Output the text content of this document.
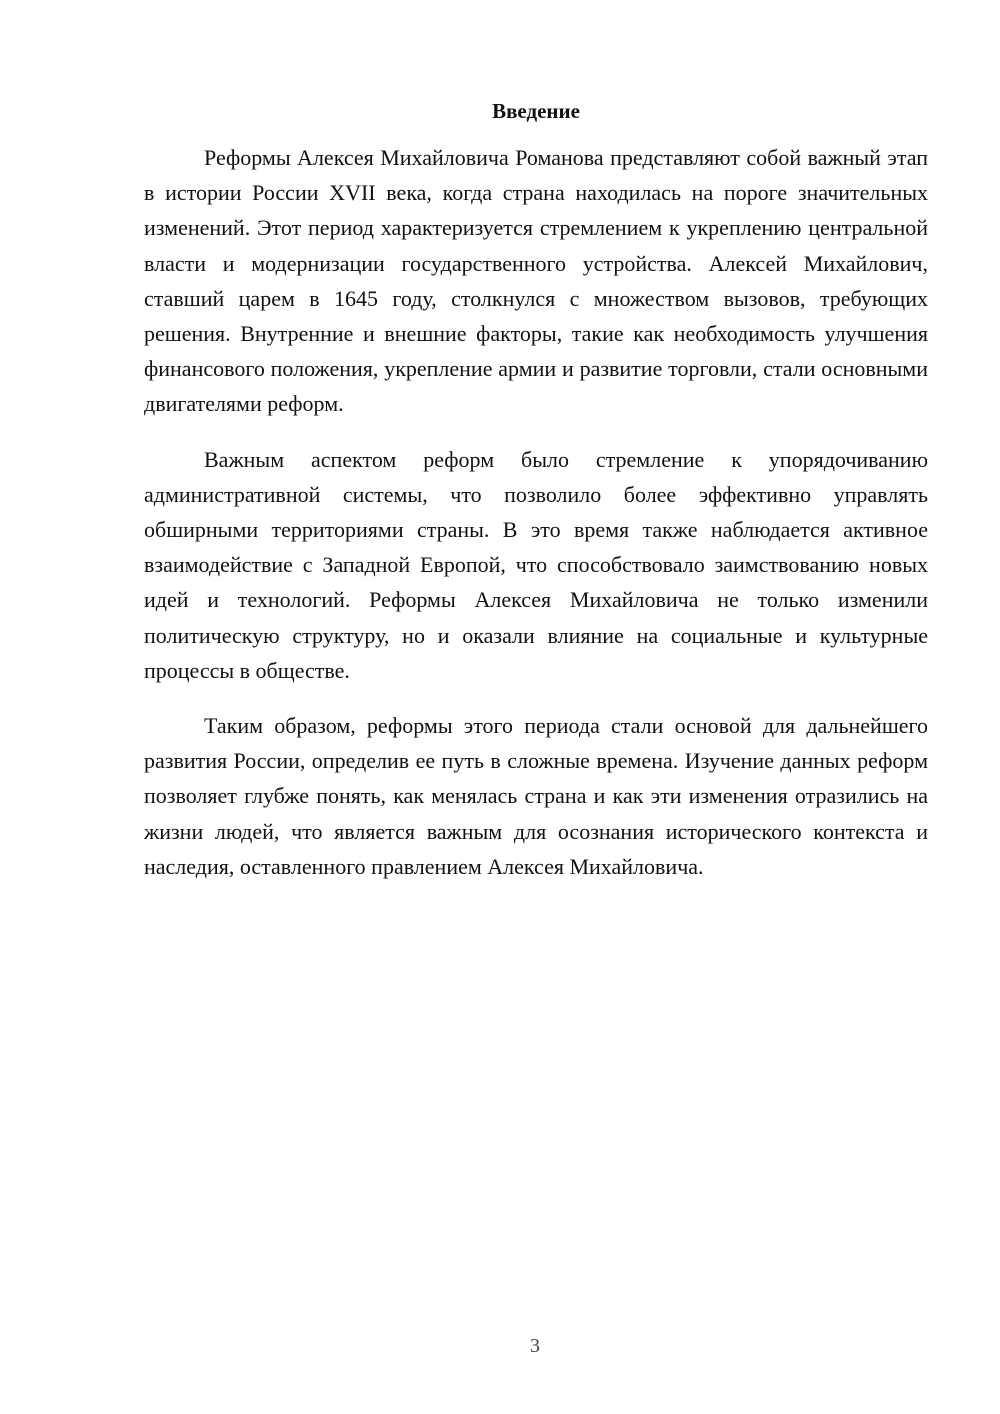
Введение

Реформы Алексея Михайловича Романова представляют собой важный этап в истории России XVII века, когда страна находилась на пороге значительных изменений. Этот период характеризуется стремлением к укреплению центральной власти и модернизации государственного устройства. Алексей Михайлович, ставший царем в 1645 году, столкнулся с множеством вызовов, требующих решения. Внутренние и внешние факторы, такие как необходимость улучшения финансового положения, укрепление армии и развитие торговли, стали основными двигателями реформ.

Важным аспектом реформ было стремление к упорядочиванию административной системы, что позволило более эффективно управлять обширными территориями страны. В это время также наблюдается активное взаимодействие с Западной Европой, что способствовало заимствованию новых идей и технологий. Реформы Алексея Михайловича не только изменили политическую структуру, но и оказали влияние на социальные и культурные процессы в обществе.

Таким образом, реформы этого периода стали основой для дальнейшего развития России, определив ее путь в сложные времена. Изучение данных реформ позволяет глубже понять, как менялась страна и как эти изменения отразились на жизни людей, что является важным для осознания исторического контекста и наследия, оставленного правлением Алексея Михайловича.

3
